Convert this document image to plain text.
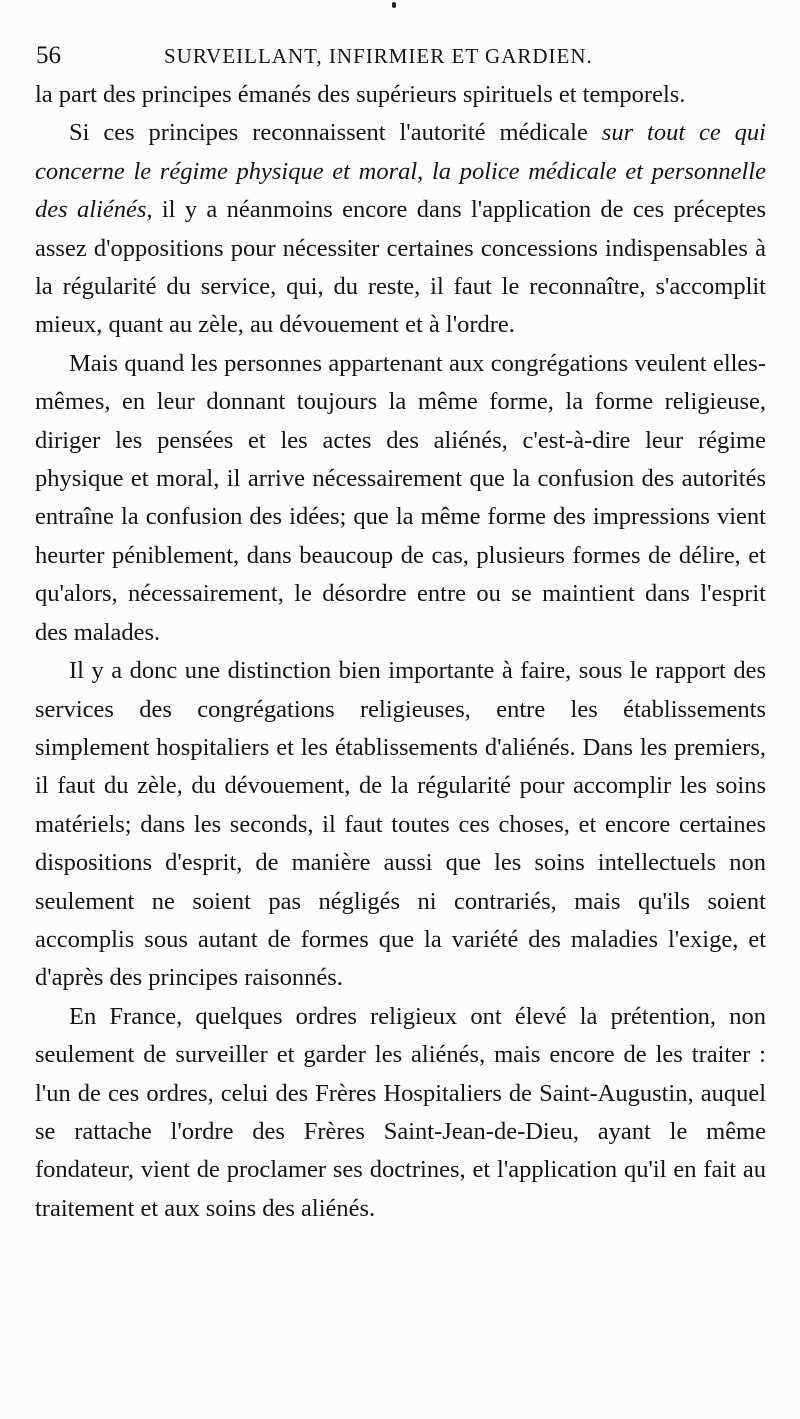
56	SURVEILLANT, INFIRMIER ET GARDIEN.

la part des principes émanés des supérieurs spirituels et temporels.

Si ces principes reconnaissent l'autorité médicale sur tout ce qui concerne le régime physique et moral, la police médicale et personnelle des aliénés, il y a néanmoins encore dans l'application de ces préceptes assez d'oppositions pour nécessiter certaines concessions indispensables à la régularité du service, qui, du reste, il faut le reconnaître, s'accomplit mieux, quant au zèle, au dévouement et à l'ordre.

Mais quand les personnes appartenant aux congrégations veulent elles-mêmes, en leur donnant toujours la même forme, la forme religieuse, diriger les pensées et les actes des aliénés, c'est-à-dire leur régime physique et moral, il arrive nécessairement que la confusion des autorités entraîne la confusion des idées; que la même forme des impressions vient heurter péniblement, dans beaucoup de cas, plusieurs formes de délire, et qu'alors, nécessairement, le désordre entre ou se maintient dans l'esprit des malades.

Il y a donc une distinction bien importante à faire, sous le rapport des services des congrégations religieuses, entre les établissements simplement hospitaliers et les établissements d'aliénés. Dans les premiers, il faut du zèle, du dévouement, de la régularité pour accomplir les soins matériels; dans les seconds, il faut toutes ces choses, et encore certaines dispositions d'esprit, de manière aussi que les soins intellectuels non seulement ne soient pas négligés ni contrariés, mais qu'ils soient accomplis sous autant de formes que la variété des maladies l'exige, et d'après des principes raisonnés.

En France, quelques ordres religieux ont élevé la prétention, non seulement de surveiller et garder les aliénés, mais encore de les traiter : l'un de ces ordres, celui des Frères Hospitaliers de Saint-Augustin, auquel se rattache l'ordre des Frères Saint-Jean-de-Dieu, ayant le même fondateur, vient de proclamer ses doctrines, et l'application qu'il en fait au traitement et aux soins des aliénés.
